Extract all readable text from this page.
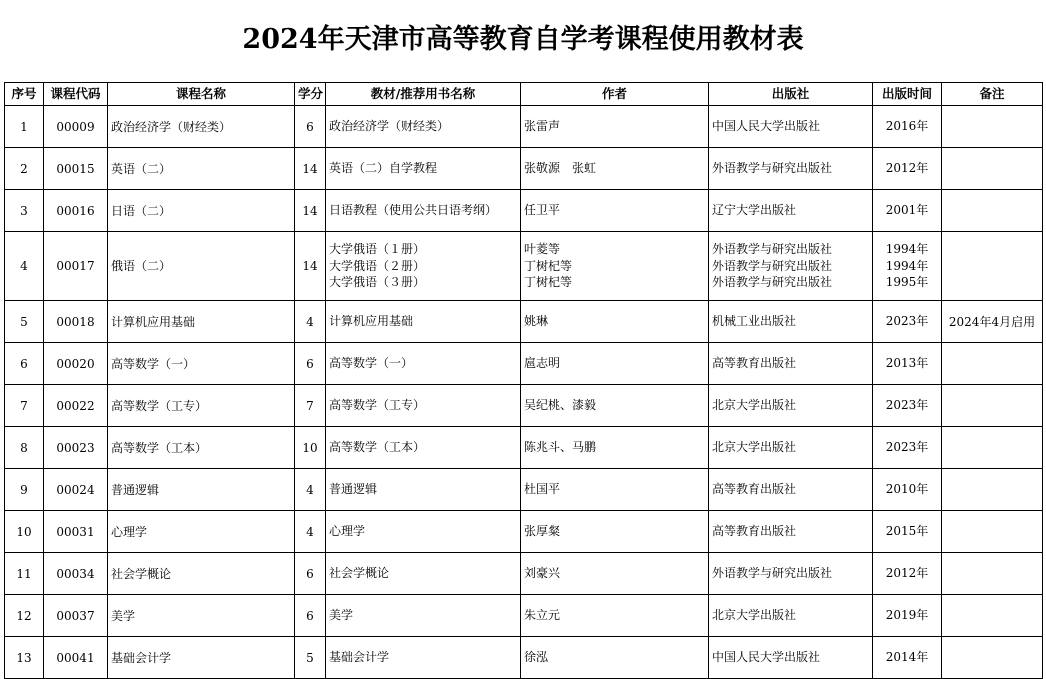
2024年天津市高等教育自学考课程使用教材表
序号	课程代码	课程名称	学分	教材/推荐用书名称	作者	出版社	出版时间	备注
1	00009	政治经济学（财经类）	6	政治经济学（财经类）	张雷声	中国人民大学出版社	2016年	

2	00015	英语（二）	14	英语（二）自学教程	张敬源　张虹	外语教学与研究出版社	2012年	

3	00016	日语（二）	14	日语教程（使用公共日语考纲）	任卫平	辽宁大学出版社	2001年	

4	00017	俄语（二）	14	大学俄语（１册）
大学俄语（２册）
大学俄语（３册）	叶菱等
丁树杞等
丁树杞等	外语教学与研究出版社
外语教学与研究出版社
外语教学与研究出版社	1994年
1994年
1995年	

5	00018	计算机应用基础	4	计算机应用基础	姚琳	机械工业出版社	2023年	2024年4月启用
6	00020	高等数学（一）	6	高等数学（一）	扈志明	高等教育出版社	2013年	

7	00022	高等数学（工专）	7	高等数学（工专）	吴纪桃、漆毅	北京大学出版社	2023年	

8	00023	高等数学（工本）	10	高等数学（工本）	陈兆斗、马鹏	北京大学出版社	2023年	

9	00024	普通逻辑	4	普通逻辑	杜国平	高等教育出版社	2010年	

10	00031	心理学	4	心理学	张厚粲	高等教育出版社	2015年	

11	00034	社会学概论	6	社会学概论	刘豪兴	外语教学与研究出版社	2012年	

12	00037	美学	6	美学	朱立元	北京大学出版社	2019年	

13	00041	基础会计学	5	基础会计学	徐泓	中国人民大学出版社	2014年	
